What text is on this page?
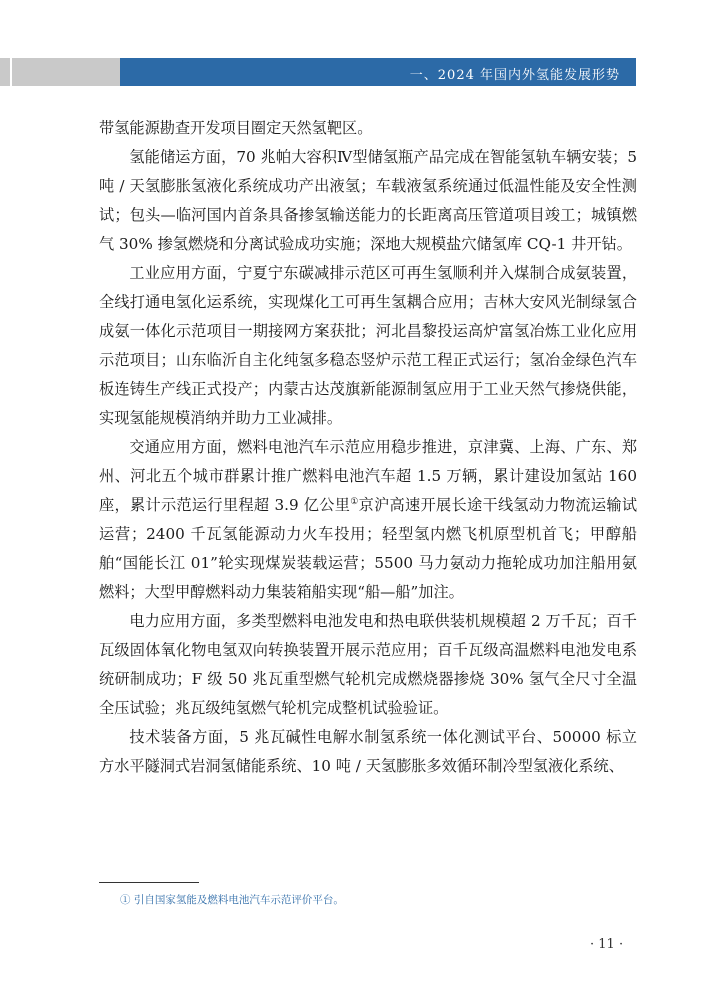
一、2024 年国内外氢能发展形势

带氢能源勘查开发项目圈定天然氢靶区。

氢能储运方面，70 兆帕大容积Ⅳ型储氢瓶产品完成在智能氢轨车辆安装；5 吨 / 天氢膨胀氢液化系统成功产出液氢；车载液氢系统通过低温性能及安全性测试；包头—临河国内首条具备掺氢输送能力的长距离高压管道项目竣工；城镇燃气 30% 掺氢燃烧和分离试验成功实施；深地大规模盐穴储氢库 CQ-1 井开钻。

工业应用方面，宁夏宁东碳减排示范区可再生氢顺利并入煤制合成氨装置，全线打通电氢化运系统，实现煤化工可再生氢耦合应用；吉林大安风光制绿氢合成氨一体化示范项目一期接网方案获批；河北昌黎投运高炉富氢冶炼工业化应用示范项目；山东临沂自主化纯氢多稳态竖炉示范工程正式运行；氢冶金绿色汽车板连铸生产线正式投产；内蒙古达茂旗新能源制氢应用于工业天然气掺烧供能，实现氢能规模消纳并助力工业减排。

交通应用方面，燃料电池汽车示范应用稳步推进，京津冀、上海、广东、郑州、河北五个城市群累计推广燃料电池汽车超 1.5 万辆，累计建设加氢站 160 座，累计示范运行里程超 3.9 亿公里①京沪高速开展长途干线氢动力物流运输试运营；2400 千瓦氢能源动力火车投用；轻型氢内燃飞机原型机首飞；甲醇船舶“国能长江 01”轮实现煤炭装载运营；5500 马力氨动力拖轮成功加注船用氨燃料；大型甲醇燃料动力集装箱船实现“船—船”加注。

电力应用方面，多类型燃料电池发电和热电联供装机规模超 2 万千瓦；百千瓦级固体氧化物电氢双向转换装置开展示范应用；百千瓦级高温燃料电池发电系统研制成功；F 级 50 兆瓦重型燃气轮机完成燃烧器掺烧 30% 氢气全尺寸全温全压试验；兆瓦级纯氢燃气轮机完成整机试验验证。

技术装备方面，5 兆瓦碱性电解水制氢系统一体化测试平台、50000 标立方水平隧洞式岩洞氢储能系统、10 吨 / 天氢膨胀多效循环制冷型氢液化系统、

① 引自国家氢能及燃料电池汽车示范评价平台。
· 11 ·
